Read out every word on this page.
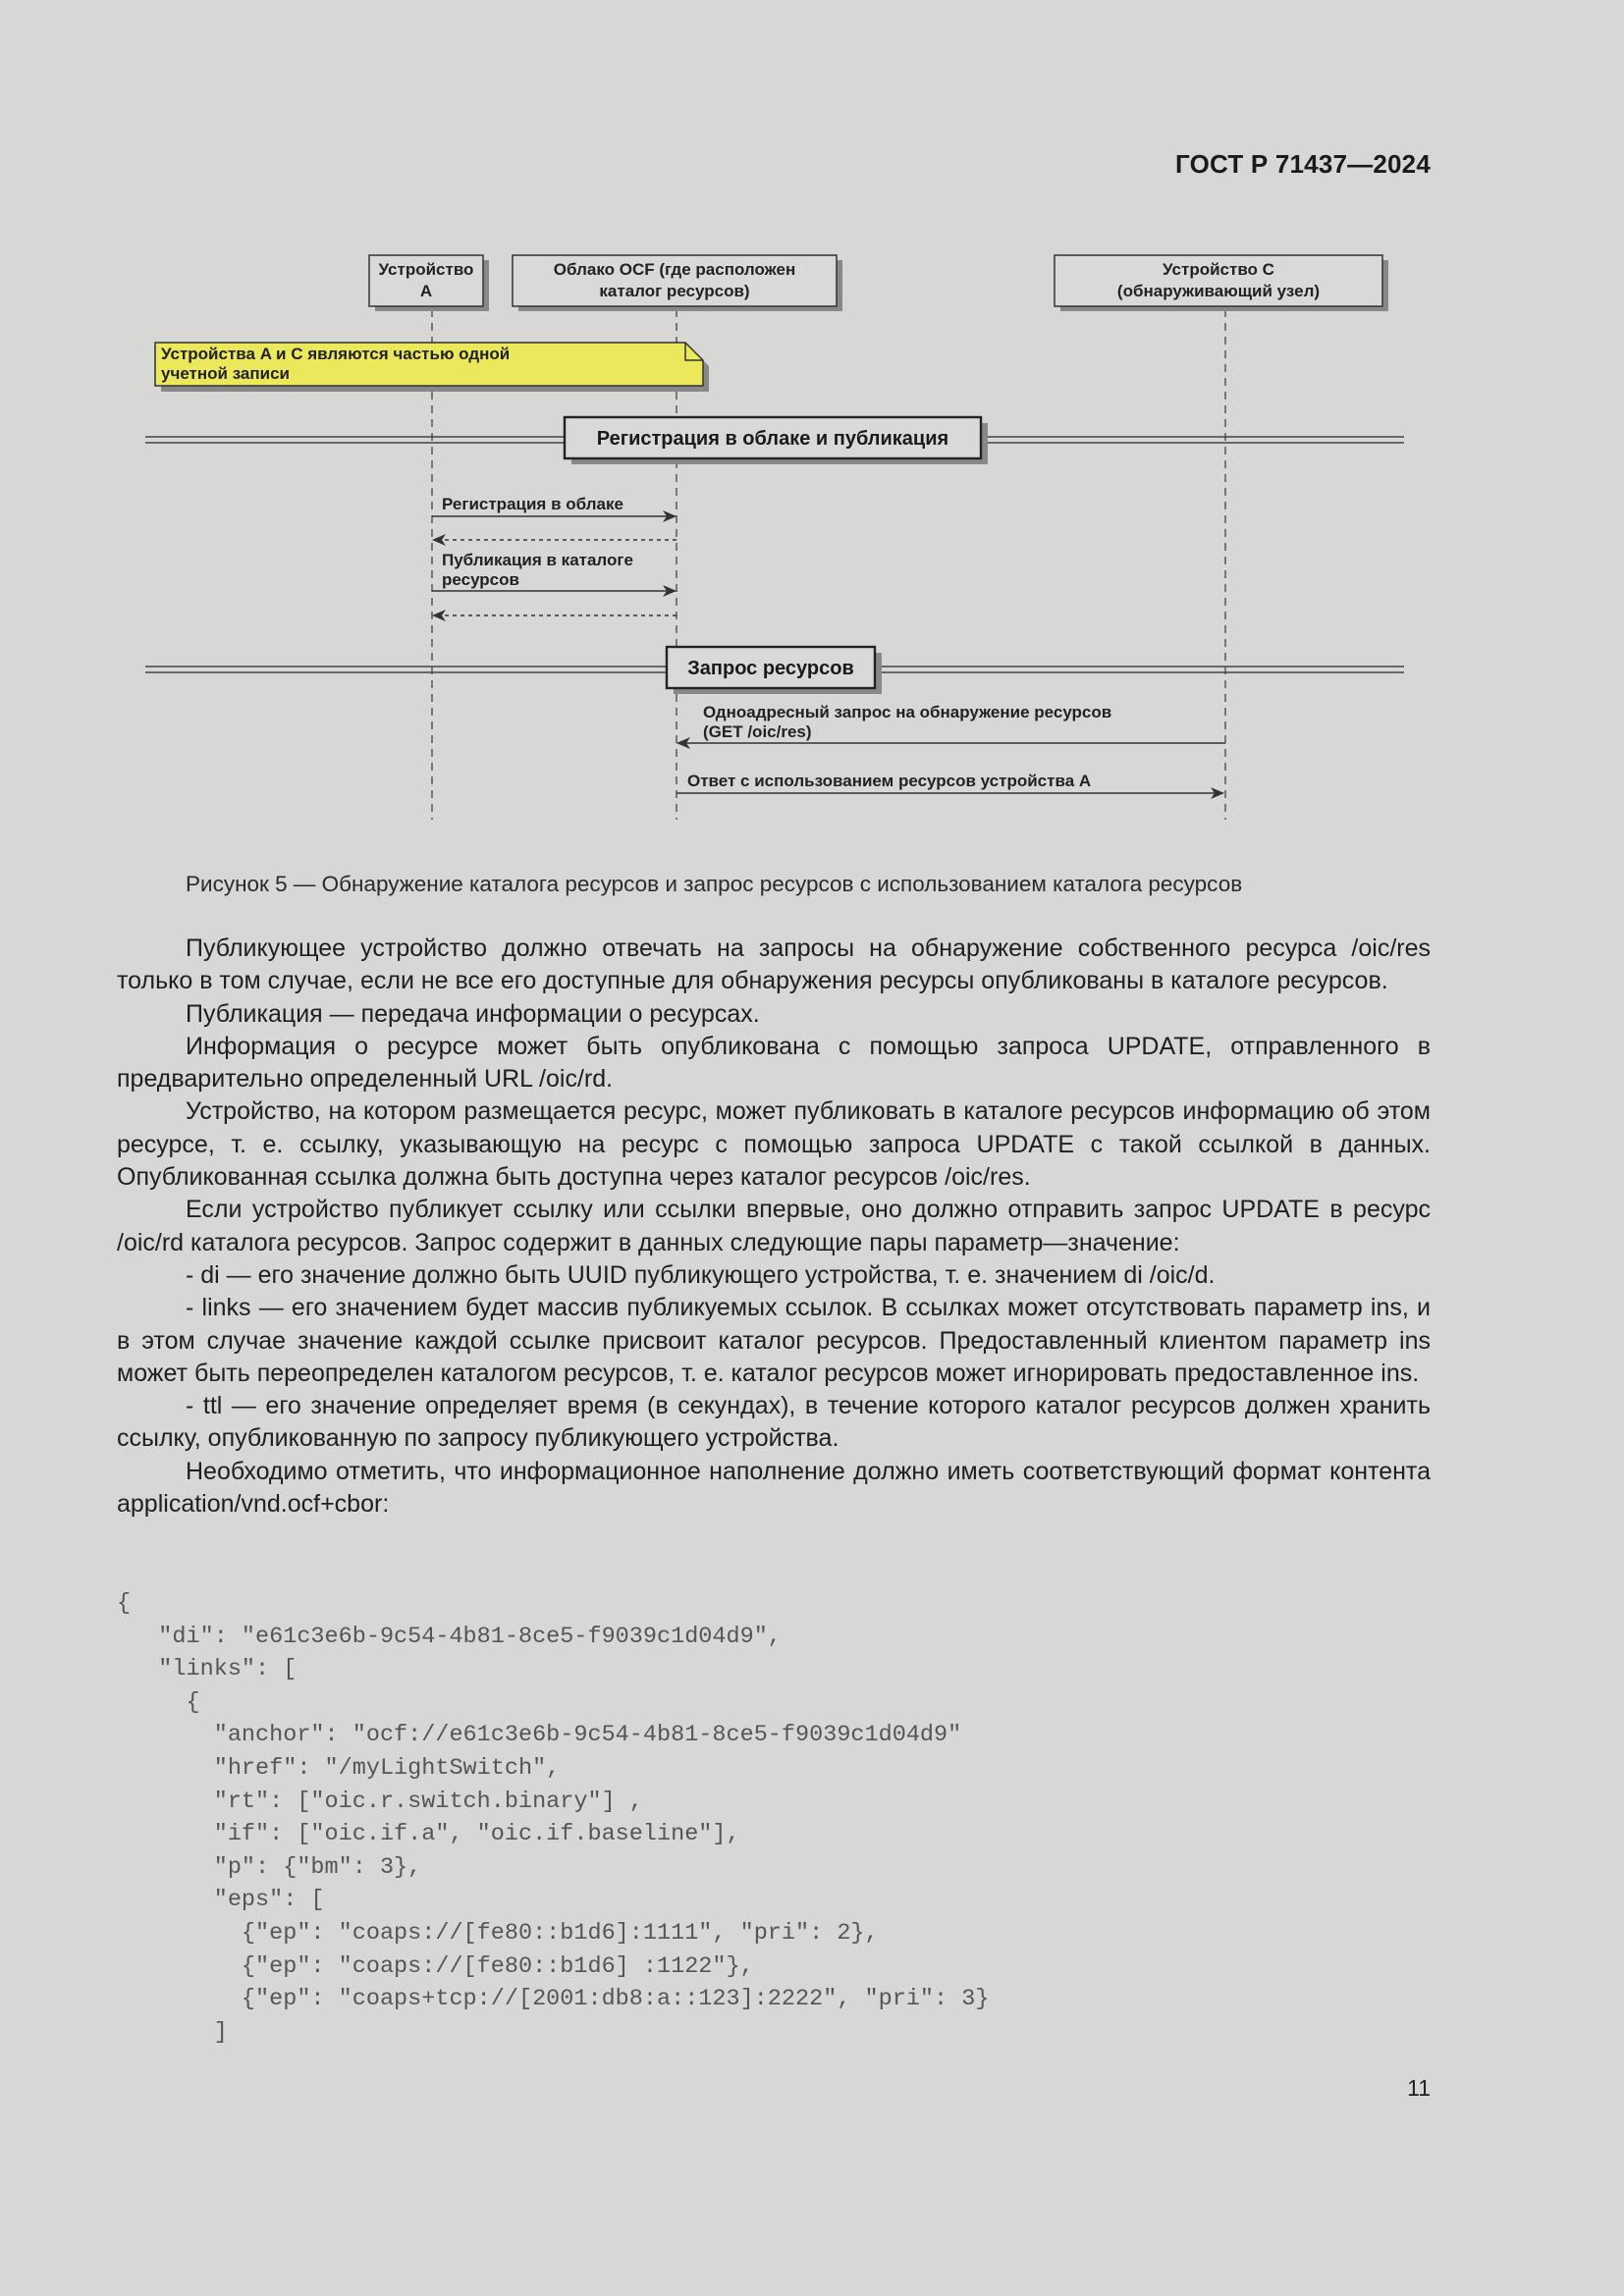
ГОСТ Р 71437—2024
Устройство
A
Облако OCF (где расположен
каталог ресурсов)
Устройство C
(обнаруживающий узел)
Устройства A и C являются частью одной
учетной записи
Регистрация в облаке и публикация
Регистрация в облаке
Публикация в каталоге
ресурсов
Запрос ресурсов
Одноадресный запрос на обнаружение ресурсов
(GET /oic/res)
Ответ с использованием ресурсов устройства A
Рисунок 5 — Обнаружение каталога ресурсов и запрос ресурсов с использованием каталога ресурсов

Публикующее устройство должно отвечать на запросы на обнаружение собственного ресурса /oic/res только в том случае, если не все его доступные для обнаружения ресурсы опубликованы в каталоге ресурсов.

Публикация — передача информации о ресурсах.

Информация о ресурсе может быть опубликована с помощью запроса UPDATE, отправленного в предварительно определенный URL /oic/rd.

Устройство, на котором размещается ресурс, может публиковать в каталоге ресурсов информацию об этом ресурсе, т. е. ссылку, указывающую на ресурс с помощью запроса UPDATE с такой ссылкой в данных. Опубликованная ссылка должна быть доступна через каталог ресурсов /oic/res.

Если устройство публикует ссылку или ссылки впервые, оно должно отправить запрос UPDATE в ресурс /oic/rd каталога ресурсов. Запрос содержит в данных следующие пары параметр—значение:

- di — его значение должно быть UUID публикующего устройства, т. е. значением di /oic/d.

- links — его значением будет массив публикуемых ссылок. В ссылках может отсутствовать параметр ins, и в этом случае значение каждой ссылке присвоит каталог ресурсов. Предоставленный клиентом параметр ins может быть переопределен каталогом ресурсов, т. е. каталог ресурсов может игнорировать предоставленное ins.

- ttl — его значение определяет время (в секундах), в течение которого каталог ресурсов должен хранить ссылку, опубликованную по запросу публикующего устройства.

Необходимо отметить, что информационное наполнение должно иметь соответствующий формат контента application/vnd.ocf+cbor:

{
"di": "e61c3e6b-9c54-4b81-8ce5-f9039c1d04d9",
"links": [
{
"anchor": "ocf://e61c3e6b-9c54-4b81-8ce5-f9039c1d04d9"
"href": "/myLightSwitch",
"rt": ["oic.r.switch.binary"] ,
"if": ["oic.if.a", "oic.if.baseline"],
"p": {"bm": 3},
"eps": [
{"ep": "coaps://[fe80::b1d6]:1111", "pri": 2},
{"ep": "coaps://[fe80::b1d6] :1122"},
{"ep": "coaps+tcp://[2001:db8:a::123]:2222", "pri": 3}
]
11
